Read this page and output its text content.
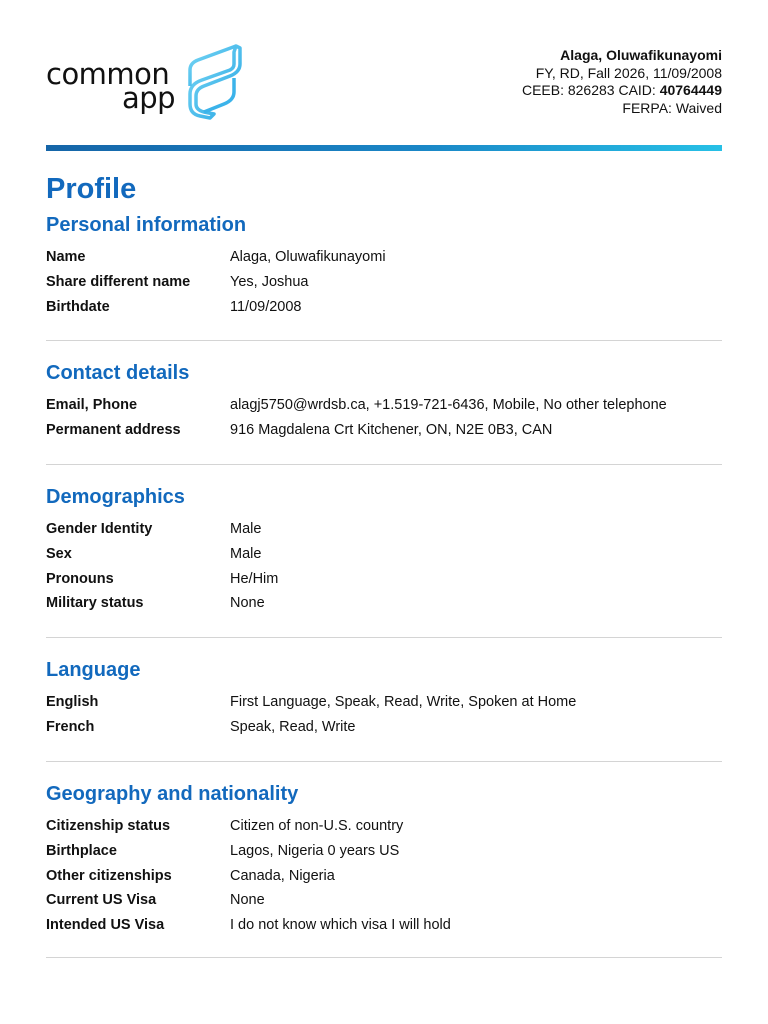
common
app
Alaga, Oluwafikunayomi
FY, RD, Fall 2026, 11/09/2008
CEEB: 826283 CAID: 40764449
FERPA: Waived
Profile
Personal information
Name	Alaga, Oluwafikunayomi
Share different name	Yes, Joshua
Birthdate	11/09/2008
Contact details
Email, Phone	alagj5750@wrdsb.ca, +1.519-721-6436, Mobile, No other telephone
Permanent address	916 Magdalena Crt Kitchener, ON, N2E 0B3, CAN
Demographics
Gender Identity	Male
Sex	Male
Pronouns	He/Him
Military status	None
Language
English	First Language, Speak, Read, Write, Spoken at Home
French	Speak, Read, Write
Geography and nationality
Citizenship status	Citizen of non-U.S. country
Birthplace	Lagos, Nigeria 0 years US
Other citizenships	Canada, Nigeria
Current US Visa	None
Intended US Visa	I do not know which visa I will hold
